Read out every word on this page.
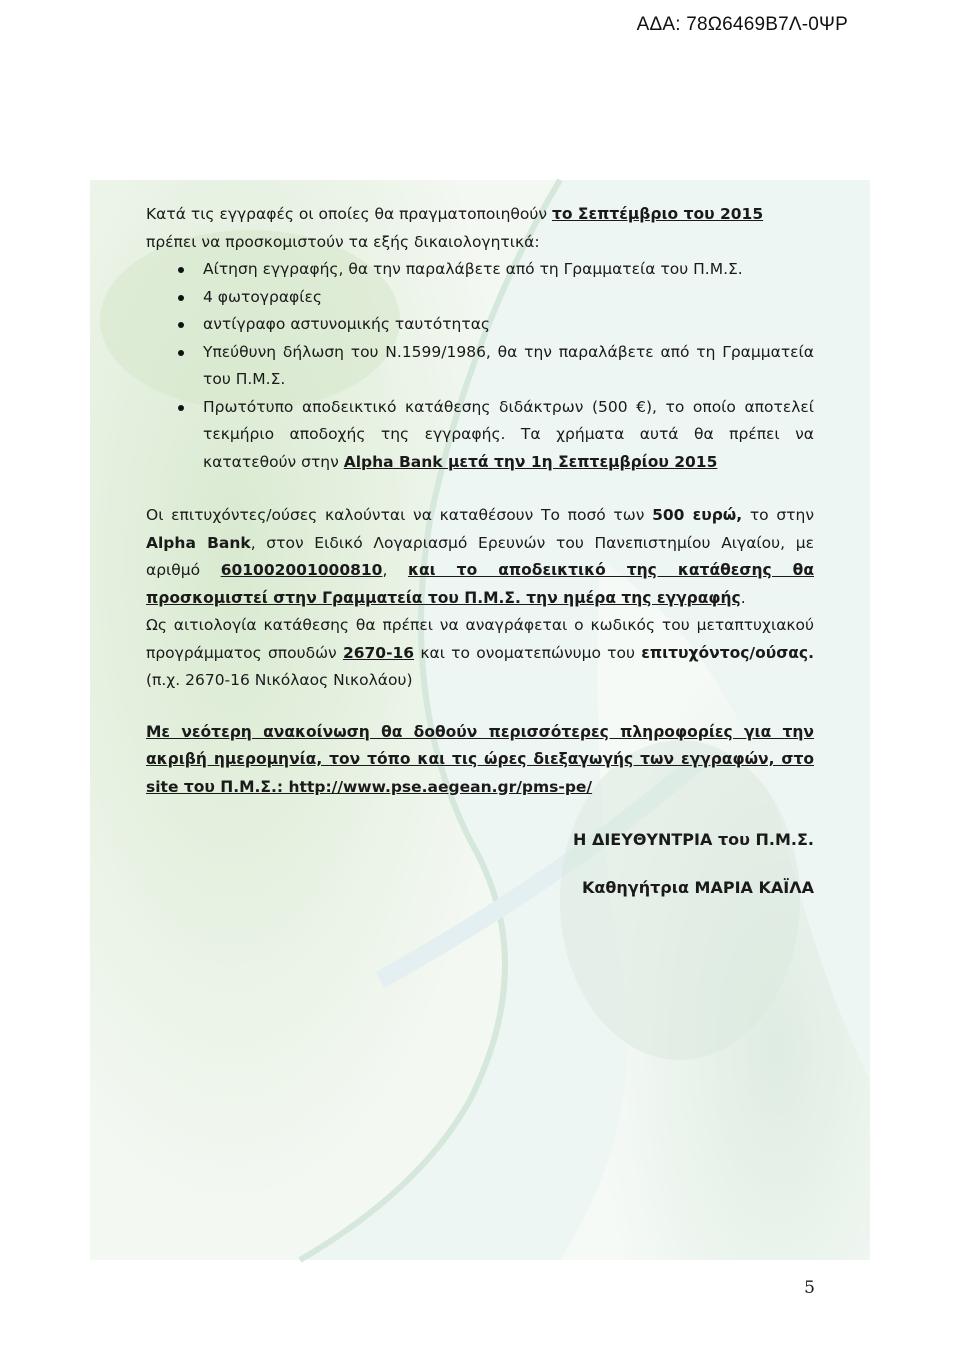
ΑΔΑ: 78Ω6469Β7Λ-0ΨΡ

Κατά τις εγγραφές οι οποίες θα πραγματοποιηθούν το Σεπτέμβριο του 2015
πρέπει να προσκομιστούν τα εξής δικαιολογητικά:

Αίτηση εγγραφής, θα την παραλάβετε από τη Γραμματεία του Π.Μ.Σ.
4 φωτογραφίες
αντίγραφο αστυνομικής ταυτότητας
Υπεύθυνη δήλωση του Ν.1599/1986, θα την παραλάβετε από τη Γραμματεία του Π.Μ.Σ.
Πρωτότυπο αποδεικτικό κατάθεσης διδάκτρων (500 €), το οποίο αποτελεί τεκμήριο αποδοχής της εγγραφής. Τα χρήματα αυτά θα πρέπει να κατατεθούν στην Alpha Bank μετά την 1η Σεπτεμβρίου 2015

Οι επιτυχόντες/ούσες καλούνται να καταθέσουν Το ποσό των 500 ευρώ, το στην Alpha Bank, στον Ειδικό Λογαριασμό Ερευνών του Πανεπιστημίου Αιγαίου, με αριθμό 601002001000810, και το αποδεικτικό της κατάθεσης θα προσκομιστεί στην Γραμματεία του Π.Μ.Σ. την ημέρα της εγγραφής.

Ως αιτιολογία κατάθεσης θα πρέπει να αναγράφεται ο κωδικός του μεταπτυχιακού προγράμματος σπουδών 2670-16 και το ονοματεπώνυμο του επιτυχόντος/ούσας. (π.χ. 2670-16 Νικόλαος Νικολάου)

Με νεότερη ανακοίνωση θα δοθούν περισσότερες πληροφορίες για την ακριβή ημερομηνία, τον τόπο και τις ώρες διεξαγωγής των εγγραφών, στο site του Π.Μ.Σ.: http://www.pse.aegean.gr/pms-pe/

Η ΔΙΕΥΘΥΝΤΡΙΑ του Π.Μ.Σ.

Καθηγήτρια ΜΑΡΙΑ ΚΑΪΛΑ

5
